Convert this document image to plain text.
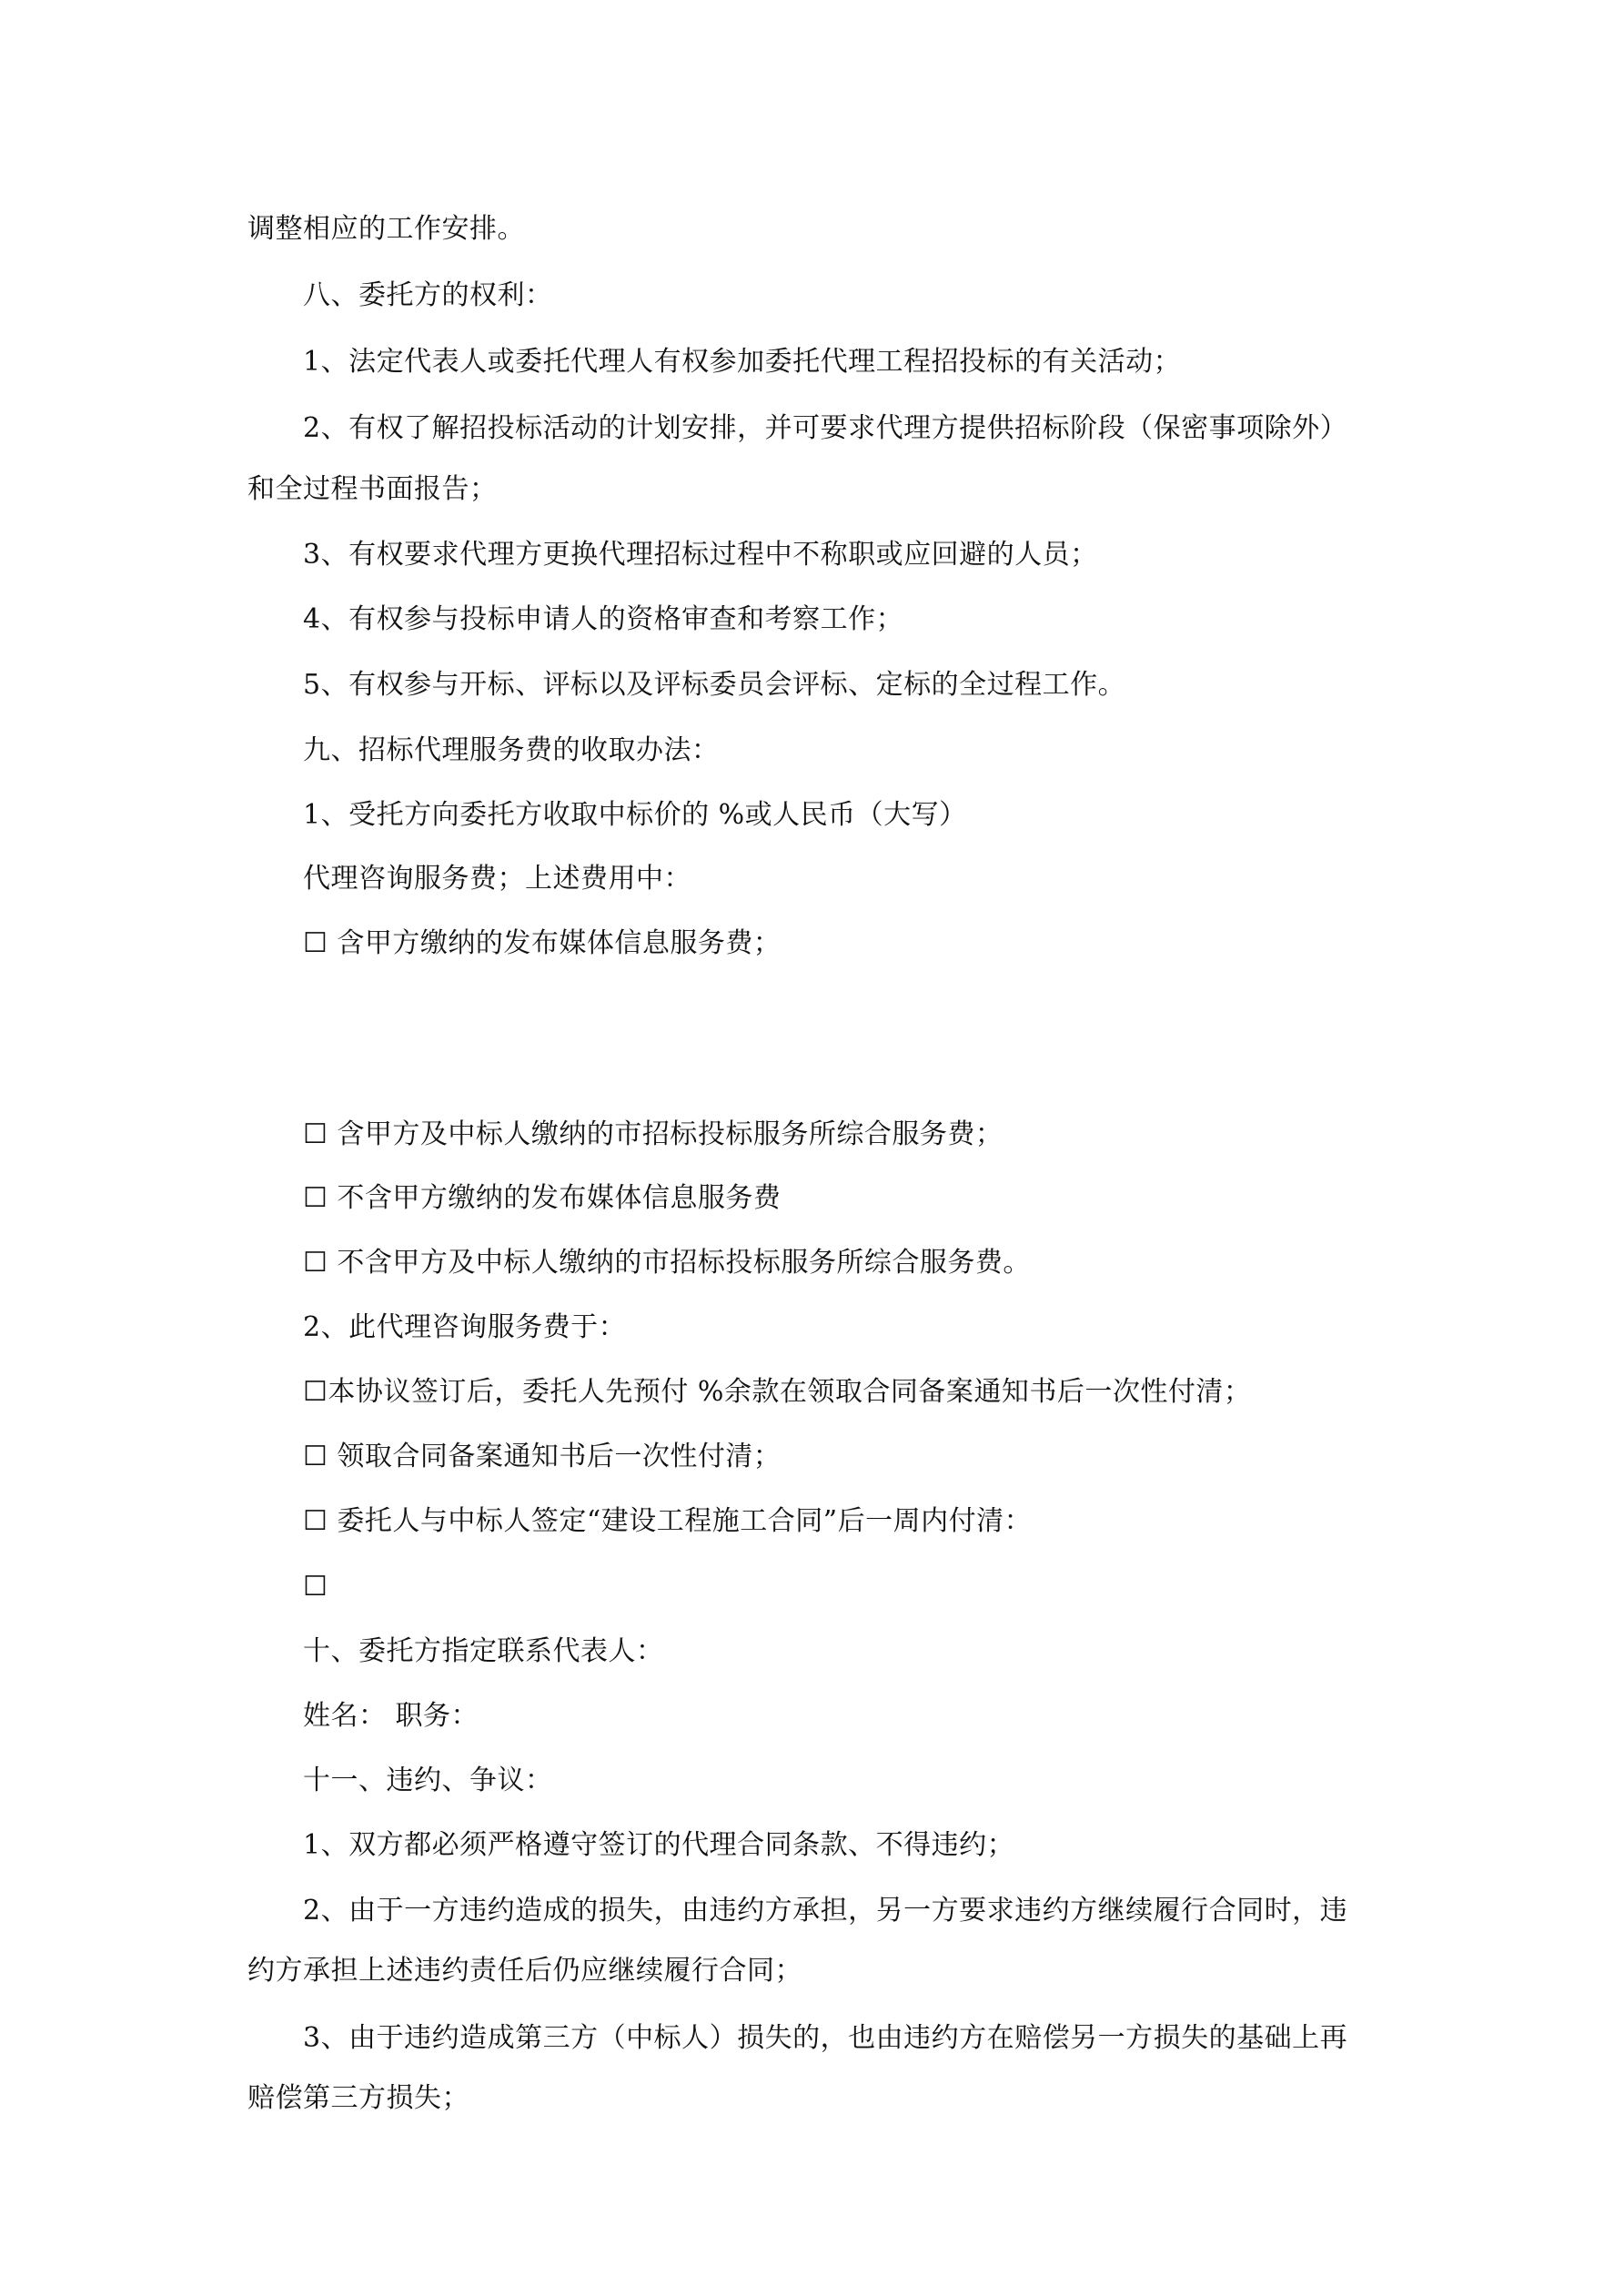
调整相应的工作安排。
八、委托方的权利：
1、法定代表人或委托代理人有权参加委托代理工程招投标的有关活动；
2、有权了解招投标活动的计划安排，并可要求代理方提供招标阶段（保密事项除外）
和全过程书面报告；
3、有权要求代理方更换代理招标过程中不称职或应回避的人员；
4、有权参与投标申请人的资格审查和考察工作；
5、有权参与开标、评标以及评标委员会评标、定标的全过程工作。
九、招标代理服务费的收取办法：
1、受托方向委托方收取中标价的 %或人民币（大写）
代理咨询服务费；上述费用中：
☐ 含甲方缴纳的发布媒体信息服务费；
☐ 含甲方及中标人缴纳的市招标投标服务所综合服务费；
☐ 不含甲方缴纳的发布媒体信息服务费
☐ 不含甲方及中标人缴纳的市招标投标服务所综合服务费。
2、此代理咨询服务费于：
☐本协议签订后，委托人先预付 %余款在领取合同备案通知书后一次性付清；
☐ 领取合同备案通知书后一次性付清；
☐ 委托人与中标人签定“建设工程施工合同”后一周内付清：
☐
十、委托方指定联系代表人：
姓名： 职务：
十一、违约、争议：
1、双方都必须严格遵守签订的代理合同条款、不得违约；
2、由于一方违约造成的损失，由违约方承担，另一方要求违约方继续履行合同时，违
约方承担上述违约责任后仍应继续履行合同；
3、由于违约造成第三方（中标人）损失的，也由违约方在赔偿另一方损失的基础上再
赔偿第三方损失；
